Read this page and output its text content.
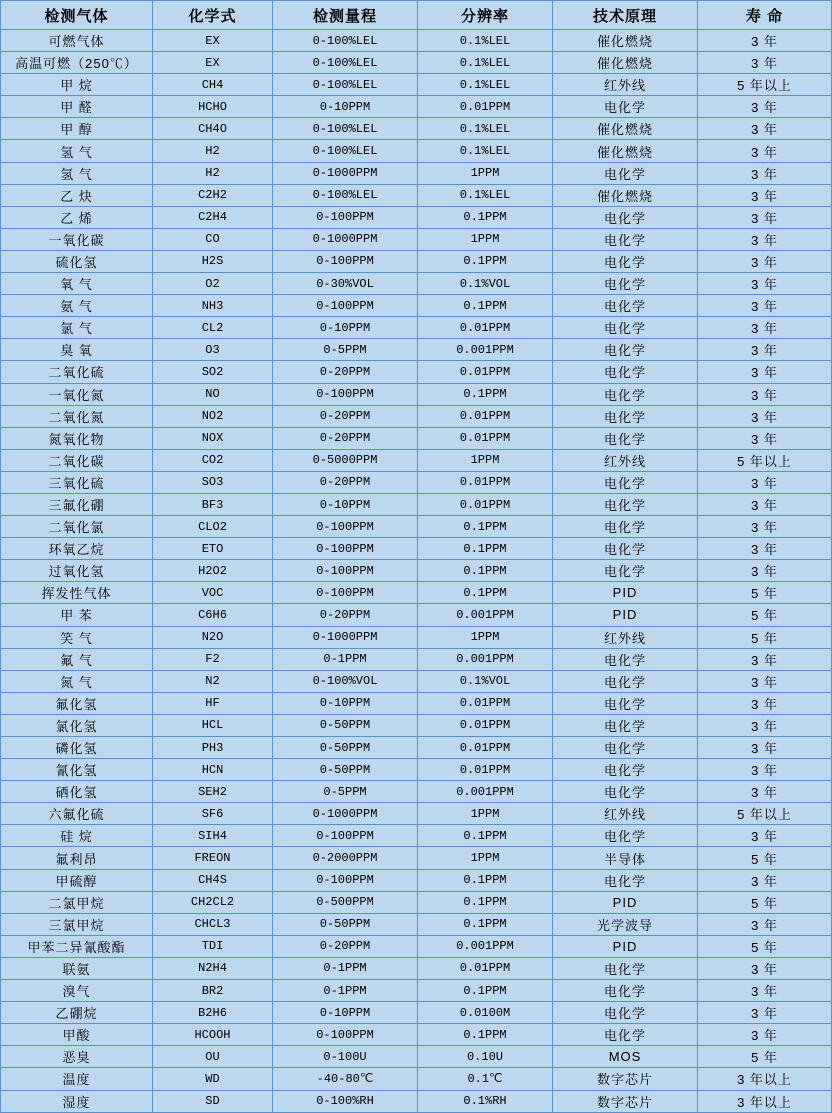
检测气体	化学式	检测量程	分辨率	技术原理	寿 命
可燃气体	EX	0-100%LEL	0.1%LEL	催化燃烧	3 年
高温可燃（250℃）	EX	0-100%LEL	0.1%LEL	催化燃烧	3 年
甲 烷	CH4	0-100%LEL	0.1%LEL	红外线	5 年以上
甲 醛	HCHO	0-10PPM	0.01PPM	电化学	3 年
甲 醇	CH4O	0-100%LEL	0.1%LEL	催化燃烧	3 年
氢 气	H2	0-100%LEL	0.1%LEL	催化燃烧	3 年
氢 气	H2	0-1000PPM	1PPM	电化学	3 年
乙 炔	C2H2	0-100%LEL	0.1%LEL	催化燃烧	3 年
乙 烯	C2H4	0-100PPM	0.1PPM	电化学	3 年
一氧化碳	CO	0-1000PPM	1PPM	电化学	3 年
硫化氢	H2S	0-100PPM	0.1PPM	电化学	3 年
氧 气	O2	0-30%VOL	0.1%VOL	电化学	3 年
氨 气	NH3	0-100PPM	0.1PPM	电化学	3 年
氯 气	CL2	0-10PPM	0.01PPM	电化学	3 年
臭 氧	O3	0-5PPM	0.001PPM	电化学	3 年
二氧化硫	SO2	0-20PPM	0.01PPM	电化学	3 年
一氧化氮	NO	0-100PPM	0.1PPM	电化学	3 年
二氧化氮	NO2	0-20PPM	0.01PPM	电化学	3 年
氮氧化物	NOX	0-20PPM	0.01PPM	电化学	3 年
二氧化碳	CO2	0-5000PPM	1PPM	红外线	5 年以上
三氧化硫	SO3	0-20PPM	0.01PPM	电化学	3 年
三氟化硼	BF3	0-10PPM	0.01PPM	电化学	3 年
二氧化氯	CLO2	0-100PPM	0.1PPM	电化学	3 年
环氧乙烷	ETO	0-100PPM	0.1PPM	电化学	3 年
过氧化氢	H2O2	0-100PPM	0.1PPM	电化学	3 年
挥发性气体	VOC	0-100PPM	0.1PPM	PID	5 年
甲 苯	C6H6	0-20PPM	0.001PPM	PID	5 年
笑 气	N2O	0-1000PPM	1PPM	红外线	5 年
氟 气	F2	0-1PPM	0.001PPM	电化学	3 年
氮 气	N2	0-100%VOL	0.1%VOL	电化学	3 年
氟化氢	HF	0-10PPM	0.01PPM	电化学	3 年
氯化氢	HCL	0-50PPM	0.01PPM	电化学	3 年
磷化氢	PH3	0-50PPM	0.01PPM	电化学	3 年
氰化氢	HCN	0-50PPM	0.01PPM	电化学	3 年
硒化氢	SEH2	0-5PPM	0.001PPM	电化学	3 年
六氟化硫	SF6	0-1000PPM	1PPM	红外线	5 年以上
硅 烷	SIH4	0-100PPM	0.1PPM	电化学	3 年
氟利昂	FREON	0-2000PPM	1PPM	半导体	5 年
甲硫醇	CH4S	0-100PPM	0.1PPM	电化学	3 年
二氯甲烷	CH2CL2	0-500PPM	0.1PPM	PID	5 年
三氯甲烷	CHCL3	0-50PPM	0.1PPM	光学波导	3 年
甲苯二异氰酸酯	TDI	0-20PPM	0.001PPM	PID	5 年
联氨	N2H4	0-1PPM	0.01PPM	电化学	3 年
溴气	BR2	0-1PPM	0.1PPM	电化学	3 年
乙硼烷	B2H6	0-10PPM	0.0100M	电化学	3 年
甲酸	HCOOH	0-100PPM	0.1PPM	电化学	3 年
恶臭	OU	0-100U	0.10U	MOS	5 年
温度	WD	-40-80℃	0.1℃	数字芯片	3 年以上
湿度	SD	0-100%RH	0.1%RH	数字芯片	3 年以上
